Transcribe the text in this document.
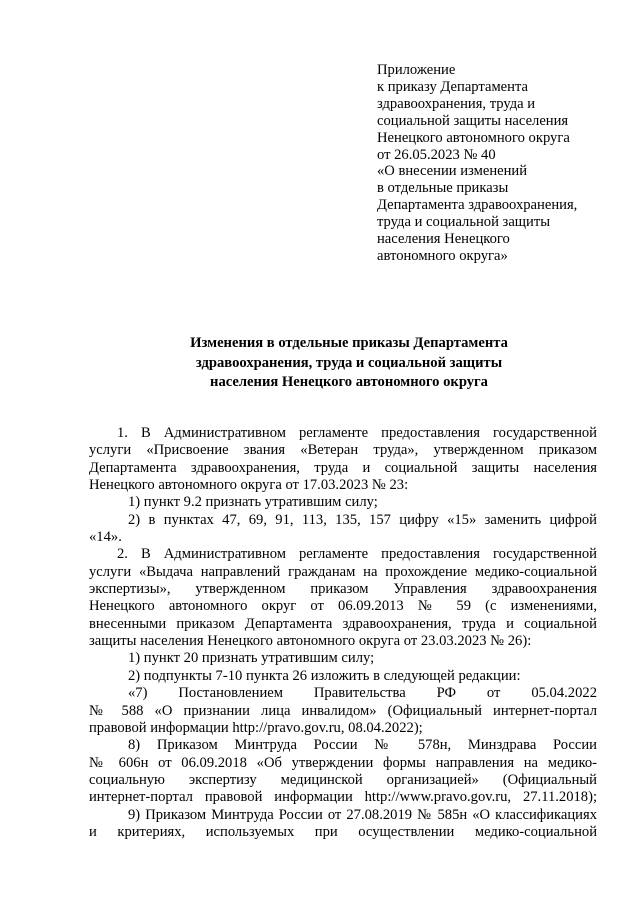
Приложение
к приказу Департамента
здравоохранения, труда и
социальной защиты населения
Ненецкого автономного округа
от 26.05.2023 № 40
«О внесении изменений
в отдельные приказы
Департамента здравоохранения,
труда и социальной защиты
населения Ненецкого
автономного округа»
Изменения в отдельные приказы Департамента
здравоохранения, труда и социальной защиты
населения Ненецкого автономного округа
1. В Административном регламенте предоставления государственной
услуги «Присвоение звания «Ветеран труда», утвержденном приказом
Департамента здравоохранения, труда и социальной защиты населения
Ненецкого автономного округа от 17.03.2023 № 23:
1) пункт 9.2 признать утратившим силу;
2) в пунктах 47, 69, 91, 113, 135, 157 цифру «15» заменить цифрой
«14».
2. В Административном регламенте предоставления государственной
услуги «Выдача направлений гражданам на прохождение медико-социальной
экспертизы», утвержденном приказом Управления здравоохранения
Ненецкого автономного округ от 06.09.2013 № 59 (с изменениями,
внесенными приказом Департамента здравоохранения, труда и социальной
защиты населения Ненецкого автономного округа от 23.03.2023 № 26):
1) пункт 20 признать утратившим силу;
2) подпункты 7-10 пункта 26 изложить в следующей редакции:
«7) Постановлением Правительства РФ от 05.04.2022
№ 588 «О признании лица инвалидом» (Официальный интернет-портал
правовой информации http://pravo.gov.ru, 08.04.2022);
8) Приказом Минтруда России № 578н, Минздрава России
№ 606н от 06.09.2018 «Об утверждении формы направления на медико-
социальную экспертизу медицинской организацией» (Официальный
интернет-портал правовой информации http://www.pravo.gov.ru, 27.11.2018);
9) Приказом Минтруда России от 27.08.2019 № 585н «О классификациях
и критериях, используемых при осуществлении медико-социальной
